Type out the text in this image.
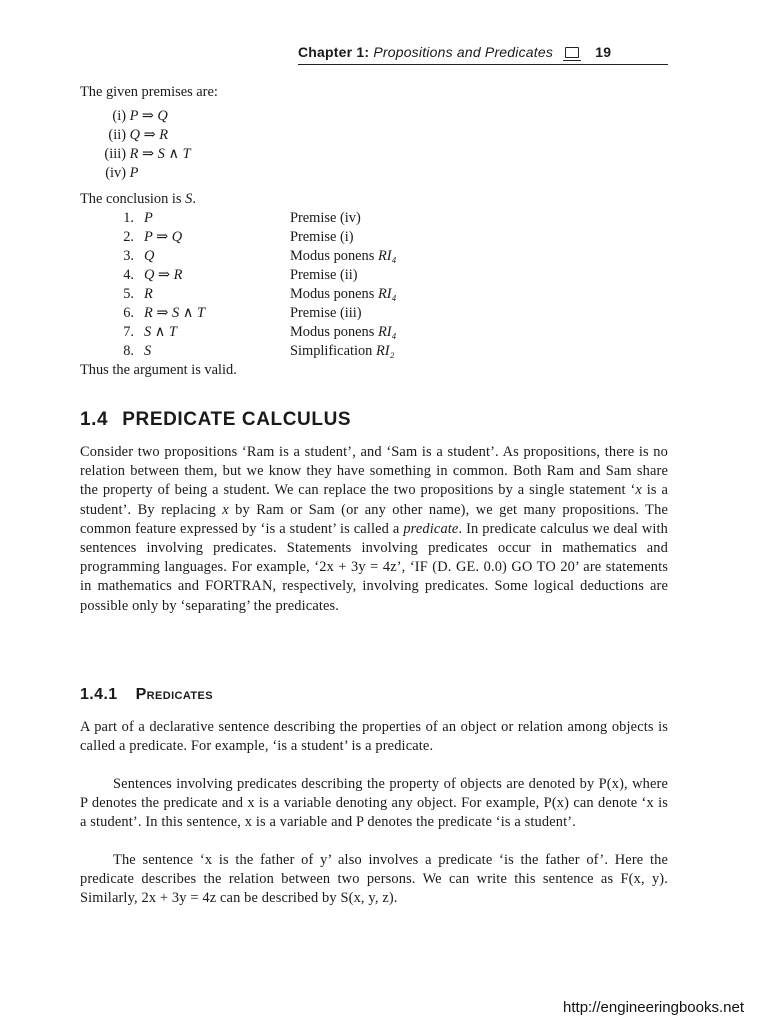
Chapter 1: Propositions and Predicates	19
The given premises are:
(i) P ⇒ Q
(ii) Q ⇒ R
(iii) R ⇒ S ∧ T
(iv) P
The conclusion is S.
1. P	Premise (iv)
2. P ⇒ Q	Premise (i)
3. Q	Modus ponens RI₄
4. Q ⇒ R	Premise (ii)
5. R	Modus ponens RI₄
6. R ⇒ S ∧ T	Premise (iii)
7. S ∧ T	Modus ponens RI₄
8. S	Simplification RI₂
Thus the argument is valid.
1.4 PREDICATE CALCULUS
Consider two propositions ‘Ram is a student’, and ‘Sam is a student’. As propositions, there is no relation between them, but we know they have something in common. Both Ram and Sam share the property of being a student. We can replace the two propositions by a single statement ‘x is a student’. By replacing x by Ram or Sam (or any other name), we get many propositions. The common feature expressed by ‘is a student’ is called a predicate. In predicate calculus we deal with sentences involving predicates. Statements involving predicates occur in mathematics and programming languages. For example, ‘2x + 3y = 4z’, ‘IF (D. GE. 0.0) GO TO 20’ are statements in mathematics and FORTRAN, respectively, involving predicates. Some logical deductions are possible only by ‘separating’ the predicates.
1.4.1 Predicates
A part of a declarative sentence describing the properties of an object or relation among objects is called a predicate. For example, ‘is a student’ is a predicate.
Sentences involving predicates describing the property of objects are denoted by P(x), where P denotes the predicate and x is a variable denoting any object. For example, P(x) can denote ‘x is a student’. In this sentence, x is a variable and P denotes the predicate ‘is a student’.
The sentence ‘x is the father of y’ also involves a predicate ‘is the father of’. Here the predicate describes the relation between two persons. We can write this sentence as F(x, y). Similarly, 2x + 3y = 4z can be described by S(x, y, z).
http://engineeringbooks.net
